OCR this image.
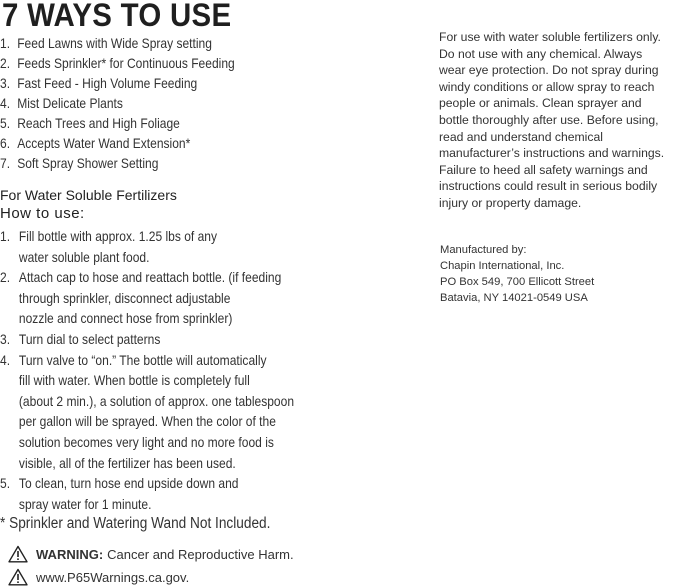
7 WAYS TO USE
1. Feed Lawns with Wide Spray setting
2. Feeds Sprinkler* for Continuous Feeding
3. Fast Feed - High Volume Feeding
4. Mist Delicate Plants
5. Reach Trees and High Foliage
6. Accepts Water Wand Extension*
7. Soft Spray Shower Setting

For Water Soluble Fertilizers

How to use:

1. Fill bottle with approx. 1.25 lbs of any
water soluble plant food.
2. Attach cap to hose and reattach bottle. (if feeding
through sprinkler, disconnect adjustable
nozzle and connect hose from sprinkler)
3. Turn dial to select patterns
4. Turn valve to “on.” The bottle will automatically
fill with water. When bottle is completely full
(about 2 min.), a solution of approx. one tablespoon
per gallon will be sprayed. When the color of the
solution becomes very light and no more food is
visible, all of the fertilizer has been used.
5. To clean, turn hose end upside down and
spray water for 1 minute.

* Sprinkler and Watering Wand Not Included.

WARNING: Cancer and Reproductive Harm.
www.P65Warnings.ca.gov.

For use with water soluble fertilizers only. Do not use with any chemical. Always wear eye protection. Do not spray during windy conditions or allow spray to reach people or animals. Clean sprayer and bottle thoroughly after use. Before using, read and understand chemical manufacturer’s instructions and warnings. Failure to heed all safety warnings and instructions could result in serious bodily injury or property damage.

Manufactured by:
Chapin International, Inc.
PO Box 549, 700 Ellicott Street
Batavia, NY 14021-0549 USA
